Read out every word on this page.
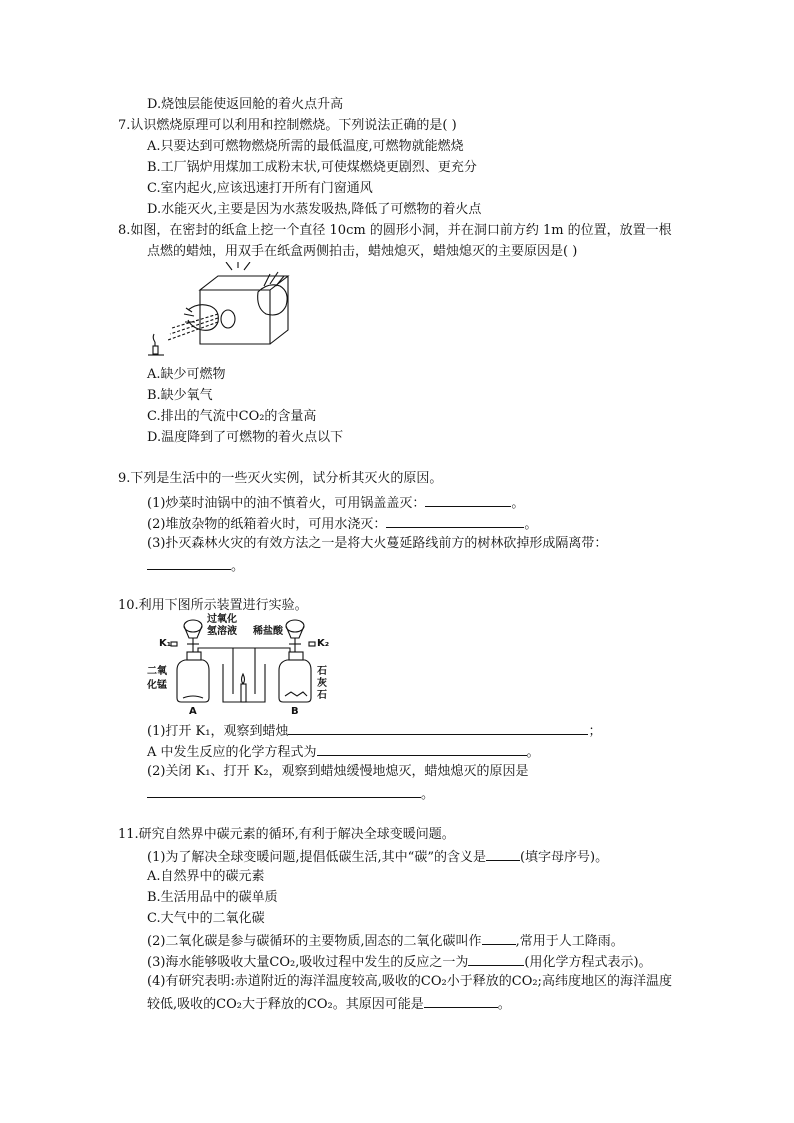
D.烧蚀层能使返回舱的着火点升高
7.认识燃烧原理可以利用和控制燃烧。下列说法正确的是( )
A.只要达到可燃物燃烧所需的最低温度,可燃物就能燃烧
B.工厂锅炉用煤加工成粉末状,可使煤燃烧更剧烈、更充分
C.室内起火,应该迅速打开所有门窗通风
D.水能灭火,主要是因为水蒸发吸热,降低了可燃物的着火点
8.如图，在密封的纸盒上挖一个直径 10cm 的圆形小洞，并在洞口前方约 1m 的位置，放置一根
点燃的蜡烛，用双手在纸盒两侧拍击，蜡烛熄灭，蜡烛熄灭的主要原因是( )
A.缺少可燃物
B.缺少氧气
C.排出的气流中CO₂的含量高
D.温度降到了可燃物的着火点以下
9.下列是生活中的一些灭火实例，试分析其灭火的原因。
(1)炒菜时油锅中的油不慎着火，可用锅盖盖灭：	。
(2)堆放杂物的纸箱着火时，可用水浇灭：	。
(3)扑灭森林火灾的有效方法之一是将大火蔓延路线前方的树林砍掉形成隔离带：
。
10.利用下图所示装置进行实验。
过氧化
氢溶液 稀盐酸
K₁	K₂
二氧
化锰
石
灰
石
A	B
(1)打开 K₁，观察到蜡烛	；
A 中发生反应的化学方程式为	。
(2)关闭 K₁、打开 K₂，观察到蜡烛缓慢地熄灭，蜡烛熄灭的原因是
。
11.研究自然界中碳元素的循环,有利于解决全球变暖问题。
(1)为了解决全球变暖问题,提倡低碳生活,其中“碳”的含义是	(填字母序号)。
A.自然界中的碳元素
B.生活用品中的碳单质
C.大气中的二氧化碳
(2)二氧化碳是参与碳循环的主要物质,固态的二氧化碳叫作	,常用于人工降雨。
(3)海水能够吸收大量CO₂,吸收过程中发生的反应之一为	(用化学方程式表示)。
(4)有研究表明:赤道附近的海洋温度较高,吸收的CO₂小于释放的CO₂;高纬度地区的海洋温度
较低,吸收的CO₂大于释放的CO₂。其原因可能是	。
